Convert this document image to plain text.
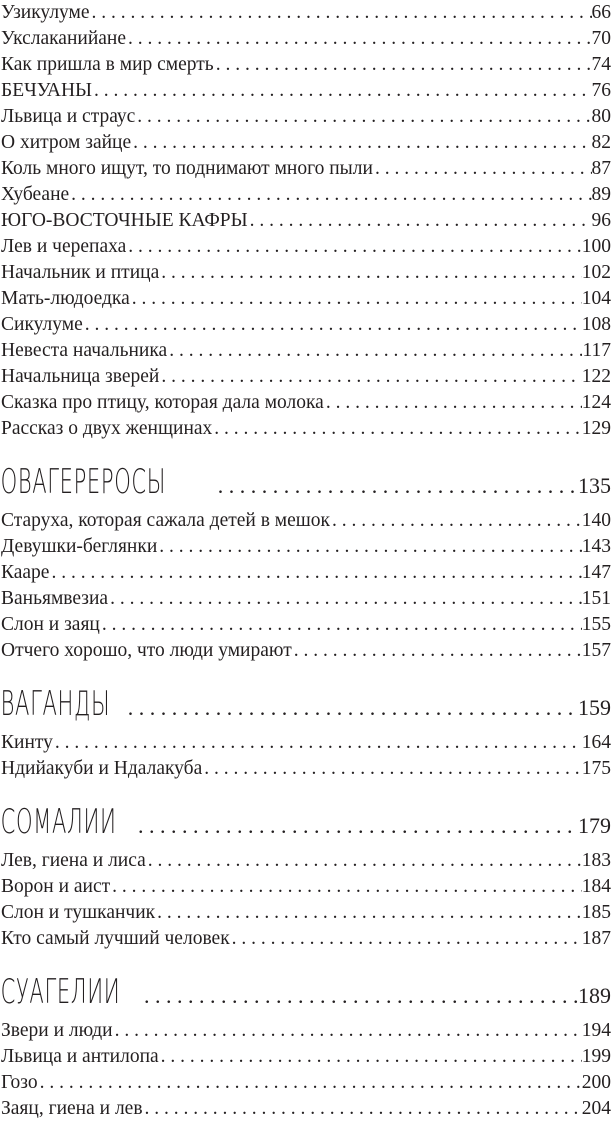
Узикулуме . . .	66
Укслаканийане . . .	70
Как пришла в мир смерть . . .	74
БЕЧУАНЫ . . .	76
Львица и страус . . .	80
О хитром зайце . . .	82
Коль много ищут, то поднимают много пыли . . .	87
Хубеане . . .	89
ЮГО-ВОСТОЧНЫЕ КАФРЫ . . .	96
Лев и черепаха . . .	100
Начальник и птица . . .	102
Мать-людоедка . . .	104
Сикулуме . . .	108
Невеста начальника . . .	117
Начальница зверей . . .	122
Сказка про птицу, которая дала молока . . .	124
Рассказ о двух женщинах . . .	129
ОВАГЕРЕРОСЫ . . .	135
Старуха, которая сажала детей в мешок . . .	140
Девушки-беглянки . . .	143
Кааре . . .	147
Ваньямвезиа . . .	151
Слон и заяц . . .	155
Отчего хорошо, что люди умирают . . .	157
ВАГАНДЫ . . .	159
Кинту . . .	164
Ндийакуби и Ндалакуба . . .	175
СОМАЛИИ . . .	179
Лев, гиена и лиса . . .	183
Ворон и аист . . .	184
Слон и тушканчик . . .	185
Кто самый лучший человек . . .	187
СУАГЕЛИИ . . .	189
Звери и люди . . .	194
Львица и антилопа . . .	199
Гозо . . .	200
Заяц, гиена и лев . . .	204
